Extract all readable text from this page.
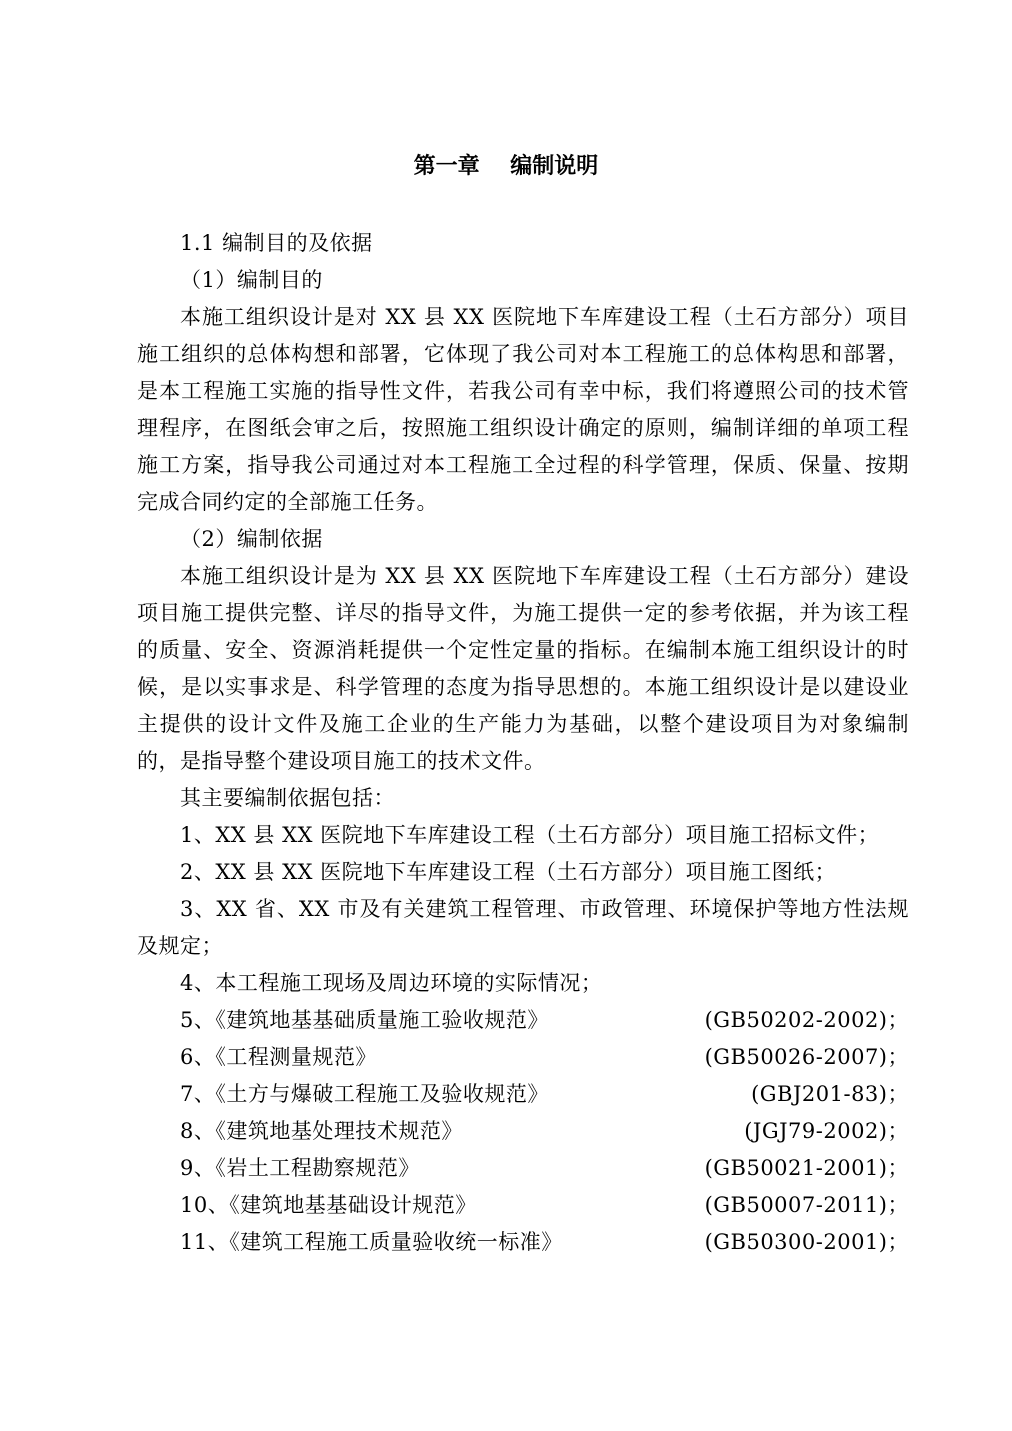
第一章    编制说明

1.1 编制目的及依据

（1）编制目的

本施工组织设计是对 XX 县 XX 医院地下车库建设工程（土石方部分）项目施工组织的总体构想和部署，它体现了我公司对本工程施工的总体构思和部署，是本工程施工实施的指导性文件，若我公司有幸中标，我们将遵照公司的技术管理程序，在图纸会审之后，按照施工组织设计确定的原则，编制详细的单项工程施工方案，指导我公司通过对本工程施工全过程的科学管理，保质、保量、按期完成合同约定的全部施工任务。

（2）编制依据

本施工组织设计是为 XX 县 XX 医院地下车库建设工程（土石方部分）建设项目施工提供完整、详尽的指导文件，为施工提供一定的参考依据，并为该工程的质量、安全、资源消耗提供一个定性定量的指标。在编制本施工组织设计的时候，是以实事求是、科学管理的态度为指导思想的。本施工组织设计是以建设业主提供的设计文件及施工企业的生产能力为基础，以整个建设项目为对象编制的，是指导整个建设项目施工的技术文件。

其主要编制依据包括：

1、XX 县 XX 医院地下车库建设工程（土石方部分）项目施工招标文件；

2、XX 县 XX 医院地下车库建设工程（土石方部分）项目施工图纸；

3、XX 省、XX 市及有关建筑工程管理、市政管理、环境保护等地方性法规及规定；

4、本工程施工现场及周边环境的实际情况；

5、《建筑地基基础质量施工验收规范》	(GB50202-2002)；
6、《工程测量规范》	(GB50026-2007)；
7、《土方与爆破工程施工及验收规范》	(GBJ201-83)；
8、《建筑地基处理技术规范》	(JGJ79-2002)；
9、《岩土工程勘察规范》	(GB50021-2001)；
10、《建筑地基基础设计规范》	(GB50007-2011)；
11、《建筑工程施工质量验收统一标准》	(GB50300-2001)；
